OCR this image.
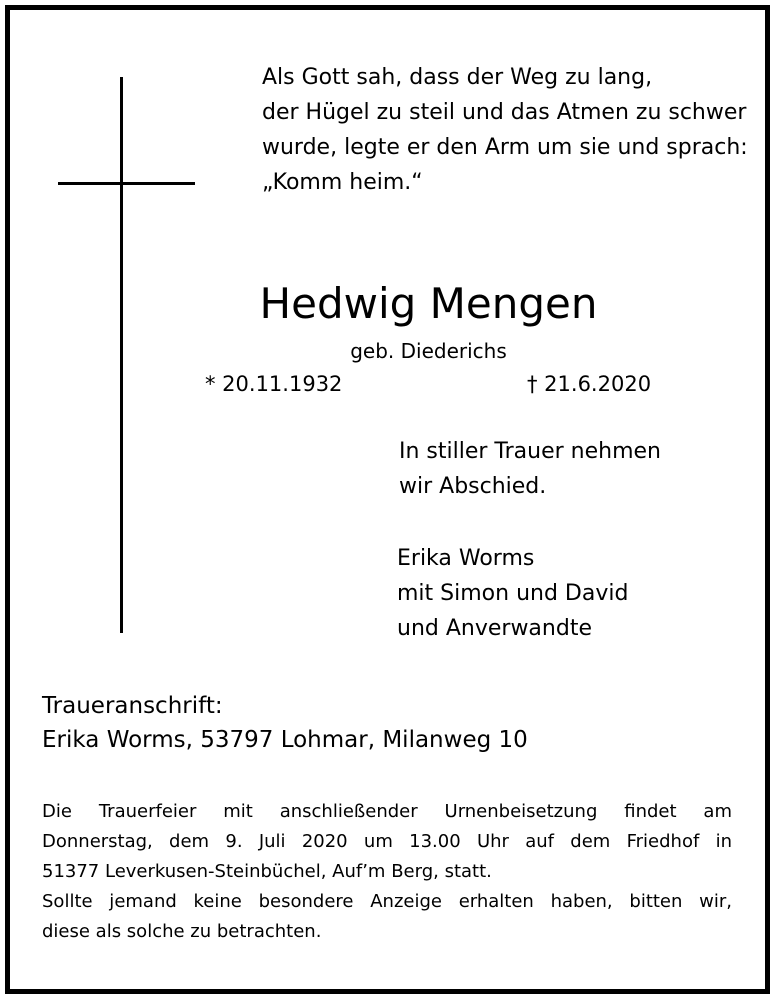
Als Gott sah, dass der Weg zu lang,
der Hügel zu steil und das Atmen zu schwer
wurde, legte er den Arm um sie und sprach:
„Komm heim.“
Hedwig Mengen
geb. Diederichs
* 20.11.1932	† 21.6.2020
In stiller Trauer nehmen
wir Abschied.
Erika Worms
mit Simon und David
und Anverwandte
Traueranschrift:
Erika Worms, 53797 Lohmar, Milanweg 10
Die Trauerfeier mit anschließender Urnenbeisetzung findet am
Donnerstag, dem 9. Juli 2020 um 13.00 Uhr auf dem Friedhof in
51377 Leverkusen-Steinbüchel, Auf’m Berg, statt.
Sollte jemand keine besondere Anzeige erhalten haben, bitten wir,
diese als solche zu betrachten.
